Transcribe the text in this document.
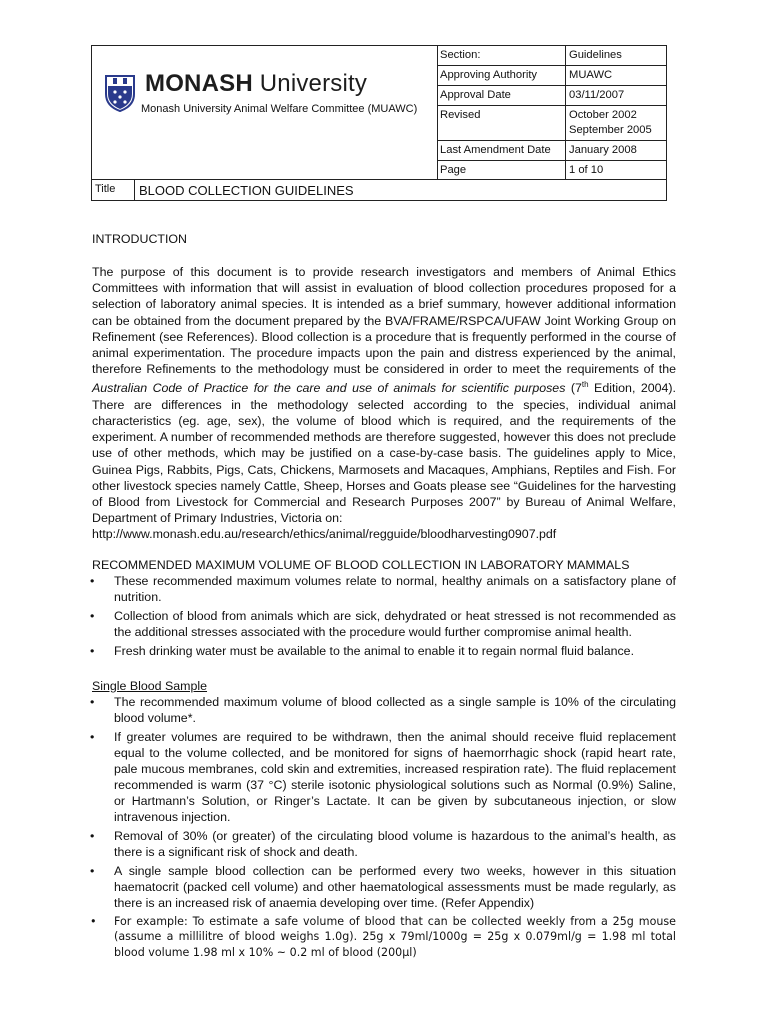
MONASH University
Monash University Animal Welfare Committee (MUAWC)
Section:	Guidelines
Approving Authority	MUAWC
Approval Date	03/11/2007
Revised	October 2002
September 2005

Last Amendment Date	January 2008
Page	1 of 10
Title	BLOOD COLLECTION GUIDELINES

INTRODUCTION

The purpose of this document is to provide research investigators and members of Animal Ethics Committees with information that will assist in evaluation of blood collection procedures proposed for a selection of laboratory animal species. It is intended as a brief summary, however additional information can be obtained from the document prepared by the BVA/FRAME/RSPCA/UFAW Joint Working Group on Refinement (see References). Blood collection is a procedure that is frequently performed in the course of animal experimentation. The procedure impacts upon the pain and distress experienced by the animal, therefore Refinements to the methodology must be considered in order to meet the requirements of the Australian Code of Practice for the care and use of animals for scientific purposes (7th Edition, 2004). There are differences in the methodology selected according to the species, individual animal characteristics (eg. age, sex), the volume of blood which is required, and the requirements of the experiment. A number of recommended methods are therefore suggested, however this does not preclude use of other methods, which may be justified on a case-by-case basis. The guidelines apply to Mice, Guinea Pigs, Rabbits, Pigs, Cats, Chickens, Marmosets and Macaques, Amphians, Reptiles and Fish. For other livestock species namely Cattle, Sheep, Horses and Goats please see “Guidelines for the harvesting of Blood from Livestock for Commercial and Research Purposes 2007” by Bureau of Animal Welfare, Department of Primary Industries, Victoria on:
http://www.monash.edu.au/research/ethics/animal/regguide/bloodharvesting0907.pdf

RECOMMENDED MAXIMUM VOLUME OF BLOOD COLLECTION IN LABORATORY MAMMALS

• These recommended maximum volumes relate to normal, healthy animals on a satisfactory plane of nutrition.
• Collection of blood from animals which are sick, dehydrated or heat stressed is not recommended as the additional stresses associated with the procedure would further compromise animal health.
• Fresh drinking water must be available to the animal to enable it to regain normal fluid balance.

Single Blood Sample

• The recommended maximum volume of blood collected as a single sample is 10% of the circulating blood volume*.
• If greater volumes are required to be withdrawn, then the animal should receive fluid replacement equal to the volume collected, and be monitored for signs of haemorrhagic shock (rapid heart rate, pale mucous membranes, cold skin and extremities, increased respiration rate). The fluid replacement recommended is warm (37 °C) sterile isotonic physiological solutions such as Normal (0.9%) Saline, or Hartmann’s Solution, or Ringer’s Lactate. It can be given by subcutaneous injection, or slow intravenous injection.
• Removal of 30% (or greater) of the circulating blood volume is hazardous to the animal’s health, as there is a significant risk of shock and death.
• A single sample blood collection can be performed every two weeks, however in this situation haematocrit (packed cell volume) and other haematological assessments must be made regularly, as there is an increased risk of anaemia developing over time. (Refer Appendix)
• For example: To estimate a safe volume of blood that can be collected weekly from a 25g mouse (assume a millilitre of blood weighs 1.0g). 25g x 79ml/1000g = 25g x 0.079ml/g = 1.98 ml total blood volume 1.98 ml x 10% ~ 0.2 ml of blood (200µl)
